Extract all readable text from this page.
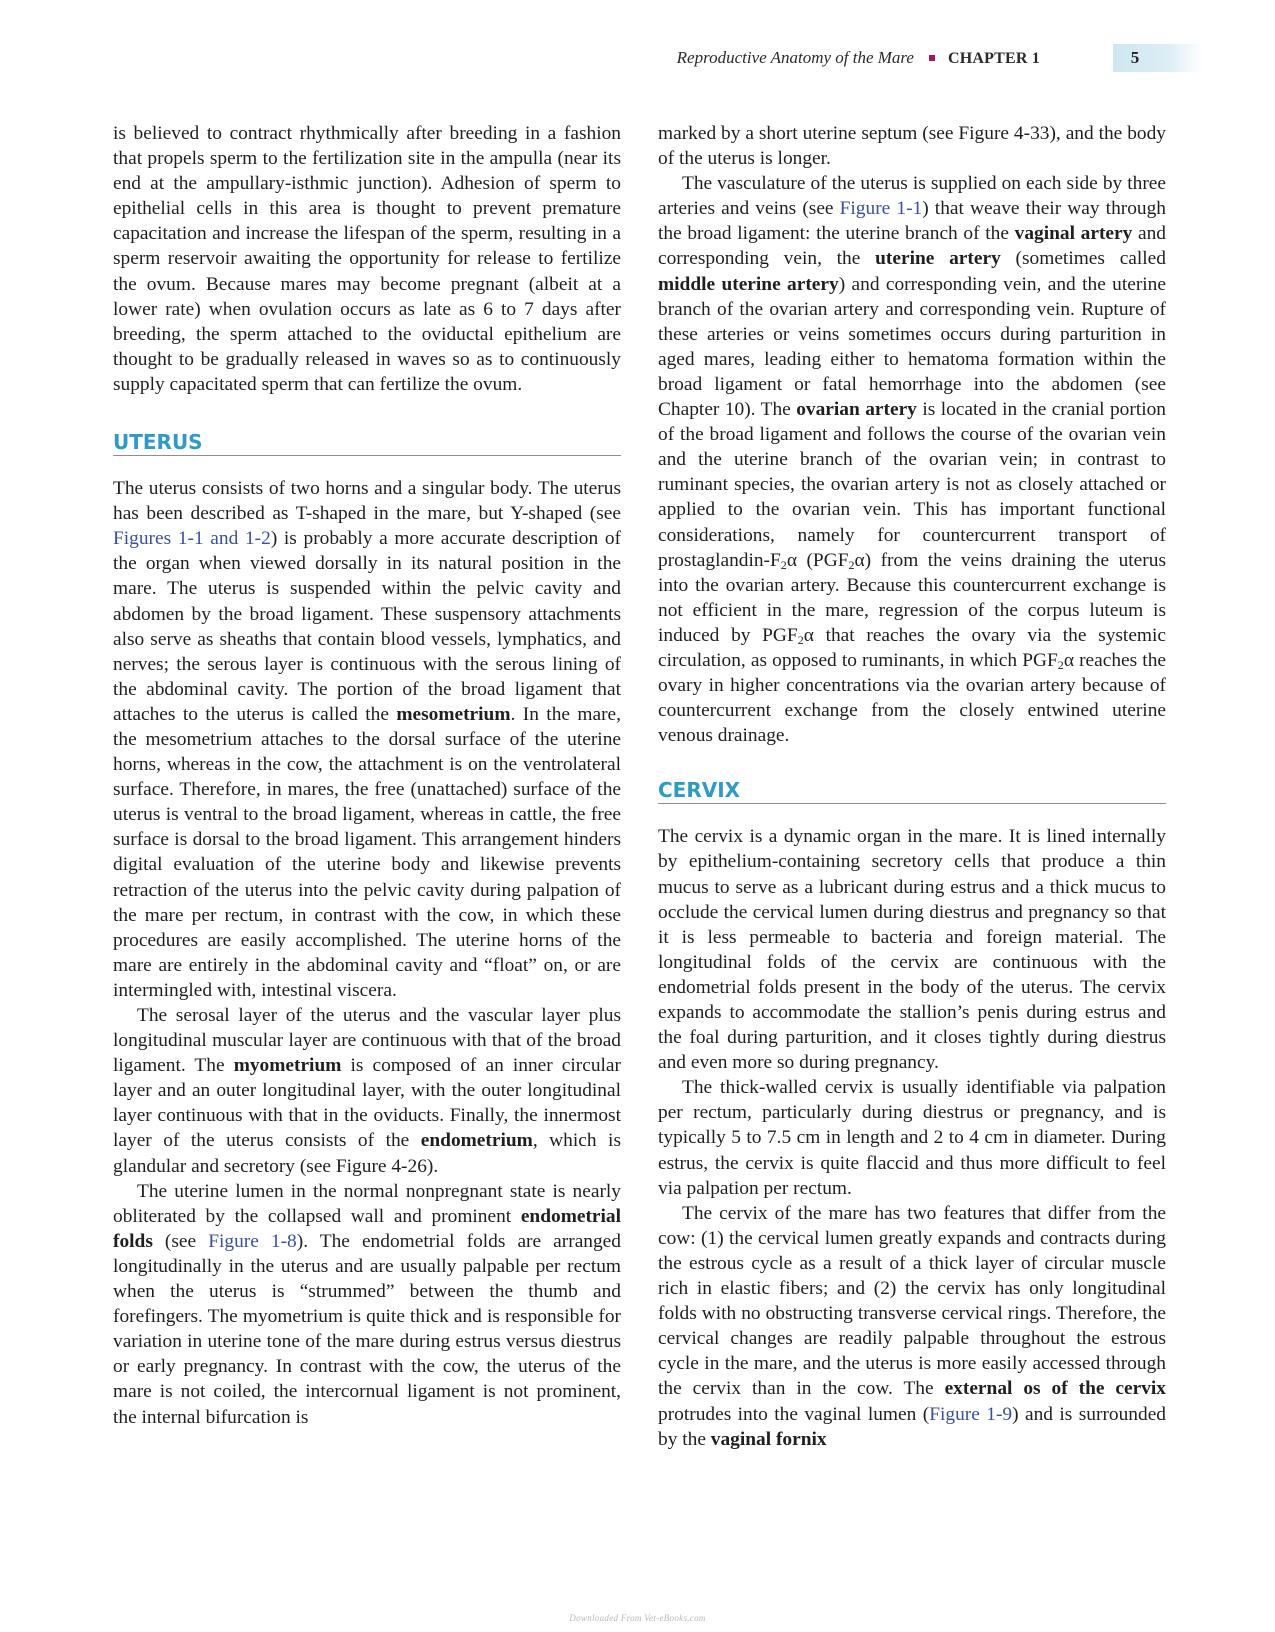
Reproductive Anatomy of the Mare CHAPTER 1	5

is believed to contract rhythmically after breeding in a fashion that propels sperm to the fertilization site in the ampulla (near its end at the ampullary-isthmic junction). Adhesion of sperm to epithelial cells in this area is thought to prevent premature capacitation and increase the lifespan of the sperm, resulting in a sperm reservoir awaiting the opportunity for release to fertilize the ovum. Because mares may become pregnant (albeit at a lower rate) when ovulation occurs as late as 6 to 7 days after breeding, the sperm attached to the oviductal epithelium are thought to be gradually released in waves so as to continuously supply capacitated sperm that can fertilize the ovum.

UTERUS

The uterus consists of two horns and a singular body. The uterus has been described as T-shaped in the mare, but Y-shaped (see Figures 1-1 and 1-2) is probably a more accurate description of the organ when viewed dorsally in its natural position in the mare. The uterus is suspended within the pelvic cavity and abdomen by the broad ligament. These suspensory attachments also serve as sheaths that contain blood vessels, lymphatics, and nerves; the serous layer is continuous with the serous lining of the abdominal cavity. The portion of the broad ligament that attaches to the uterus is called the mesometrium. In the mare, the mesometrium attaches to the dorsal surface of the uterine horns, whereas in the cow, the attachment is on the ventrolateral surface. Therefore, in mares, the free (unattached) surface of the uterus is ventral to the broad ligament, whereas in cattle, the free surface is dorsal to the broad ligament. This arrangement hinders digital evaluation of the uterine body and likewise prevents retraction of the uterus into the pelvic cavity during palpation of the mare per rectum, in contrast with the cow, in which these procedures are easily accomplished. The uterine horns of the mare are entirely in the abdominal cavity and “float” on, or are intermingled with, intestinal viscera.

The serosal layer of the uterus and the vascular layer plus longitudinal muscular layer are continuous with that of the broad ligament. The myometrium is composed of an inner circular layer and an outer longitudinal layer, with the outer longitudinal layer continuous with that in the oviducts. Finally, the innermost layer of the uterus consists of the endometrium, which is glandular and secretory (see Figure 4-26).

The uterine lumen in the normal nonpregnant state is nearly obliterated by the collapsed wall and prominent endometrial folds (see Figure 1-8). The endometrial folds are arranged longitudinally in the uterus and are usually palpable per rectum when the uterus is “strummed” between the thumb and forefingers. The myometrium is quite thick and is responsible for variation in uterine tone of the mare during estrus versus diestrus or early pregnancy. In contrast with the cow, the uterus of the mare is not coiled, the intercornual ligament is not prominent, the internal bifurcation is

marked by a short uterine septum (see Figure 4-33), and the body of the uterus is longer.

The vasculature of the uterus is supplied on each side by three arteries and veins (see Figure 1-1) that weave their way through the broad ligament: the uterine branch of the vaginal artery and corresponding vein, the uterine artery (sometimes called middle uterine artery) and corresponding vein, and the uterine branch of the ovarian artery and corresponding vein. Rupture of these arteries or veins sometimes occurs during parturition in aged mares, leading either to hematoma formation within the broad ligament or fatal hemorrhage into the abdomen (see Chapter 10). The ovarian artery is located in the cranial portion of the broad ligament and follows the course of the ovarian vein and the uterine branch of the ovarian vein; in contrast to ruminant species, the ovarian artery is not as closely attached or applied to the ovarian vein. This has important functional considerations, namely for countercurrent transport of prostaglandin-$F_2\alpha$ $(PGF_2\alpha)$ from the veins draining the uterus into the ovarian artery. Because this countercurrent exchange is not efficient in the mare, regression of the corpus luteum is induced by $PGF_2\alpha$ that reaches the ovary via the systemic circulation, as opposed to ruminants, in which $PGF_2\alpha$ reaches the ovary in higher concentrations via the ovarian artery because of countercurrent exchange from the closely entwined uterine venous drainage.

CERVIX

The cervix is a dynamic organ in the mare. It is lined internally by epithelium-containing secretory cells that produce a thin mucus to serve as a lubricant during estrus and a thick mucus to occlude the cervical lumen during diestrus and pregnancy so that it is less permeable to bacteria and foreign material. The longitudinal folds of the cervix are continuous with the endometrial folds present in the body of the uterus. The cervix expands to accommodate the stallion’s penis during estrus and the foal during parturition, and it closes tightly during diestrus and even more so during pregnancy.

The thick-walled cervix is usually identifiable via palpation per rectum, particularly during diestrus or pregnancy, and is typically 5 to 7.5 cm in length and 2 to 4 cm in diameter. During estrus, the cervix is quite flaccid and thus more difficult to feel via palpation per rectum.

The cervix of the mare has two features that differ from the cow: (1) the cervical lumen greatly expands and contracts during the estrous cycle as a result of a thick layer of circular muscle rich in elastic fibers; and (2) the cervix has only longitudinal folds with no obstructing transverse cervical rings. Therefore, the cervical changes are readily palpable throughout the estrous cycle in the mare, and the uterus is more easily accessed through the cervix than in the cow. The external os of the cervix protrudes into the vaginal lumen (Figure 1-9) and is surrounded by the vaginal fornix

Downloaded From Vet-eBooks.com
